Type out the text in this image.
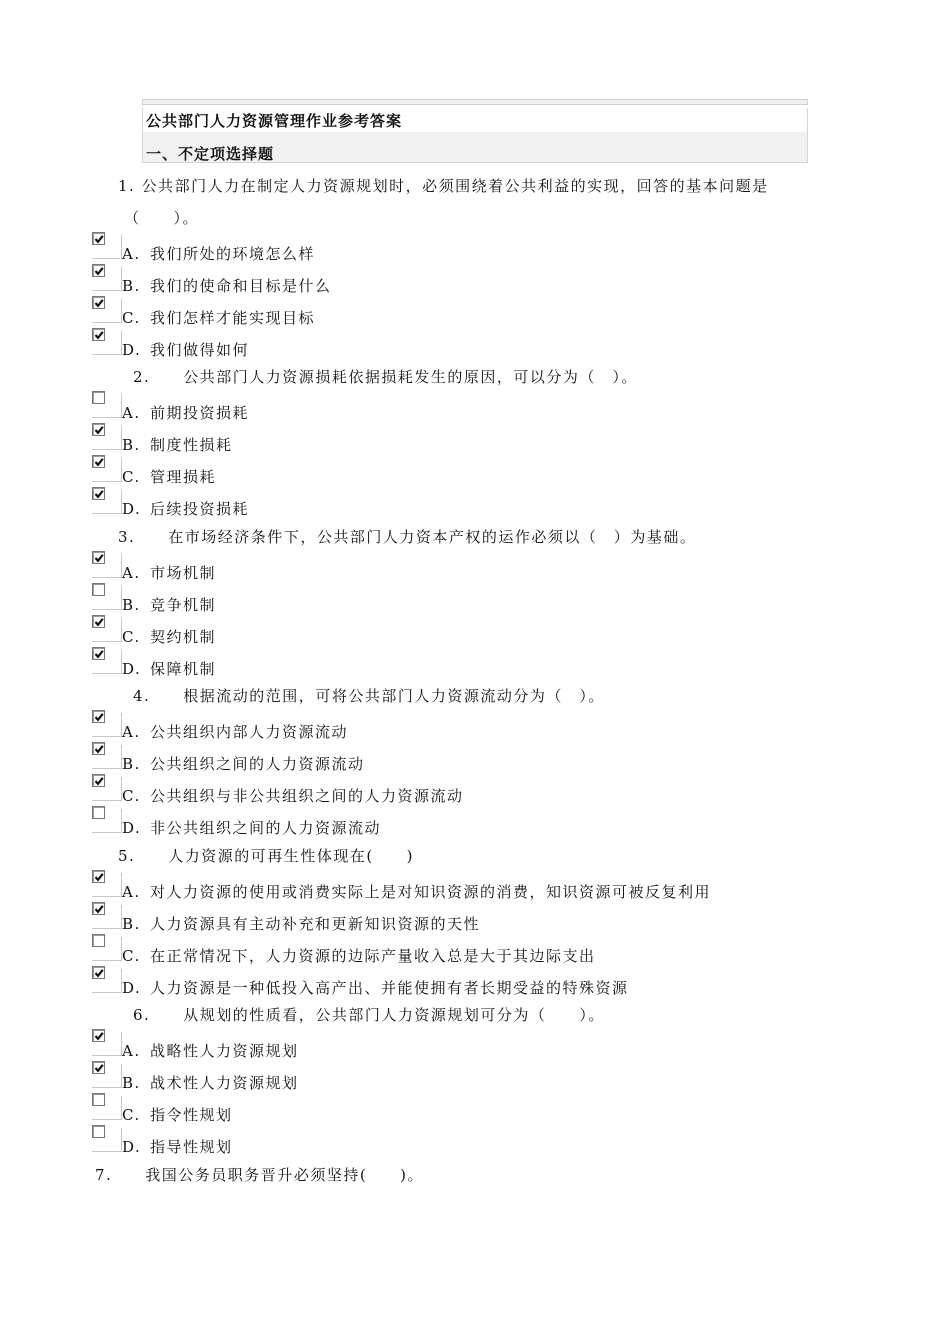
公共部门人力资源管理作业参考答案
一、不定项选择题
1. 公共部门人力在制定人力资源规划时，必须围绕着公共利益的实现，回答的基本问题是
（　　）。
A. 我们所处的环境怎么样
B. 我们的使命和目标是什么
C. 我们怎样才能实现目标
D. 我们做得如何
2.　　公共部门人力资源损耗依据损耗发生的原因，可以分为（　）。
A. 前期投资损耗
B. 制度性损耗
C. 管理损耗
D. 后续投资损耗
3.　　在市场经济条件下，公共部门人力资本产权的运作必须以（　）为基础。
A. 市场机制
B. 竞争机制
C. 契约机制
D. 保障机制
4.　　根据流动的范围，可将公共部门人力资源流动分为（　）。
A. 公共组织内部人力资源流动
B. 公共组织之间的人力资源流动
C. 公共组织与非公共组织之间的人力资源流动
D. 非公共组织之间的人力资源流动
5.　　人力资源的可再生性体现在(　　)
A. 对人力资源的使用或消费实际上是对知识资源的消费，知识资源可被反复利用
B. 人力资源具有主动补充和更新知识资源的天性
C. 在正常情况下，人力资源的边际产量收入总是大于其边际支出
D. 人力资源是一种低投入高产出、并能使拥有者长期受益的特殊资源
6.　　从规划的性质看，公共部门人力资源规划可分为（　　）。
A. 战略性人力资源规划
B. 战术性人力资源规划
C. 指令性规划
D. 指导性规划
7.　　我国公务员职务晋升必须坚持(　　)。
